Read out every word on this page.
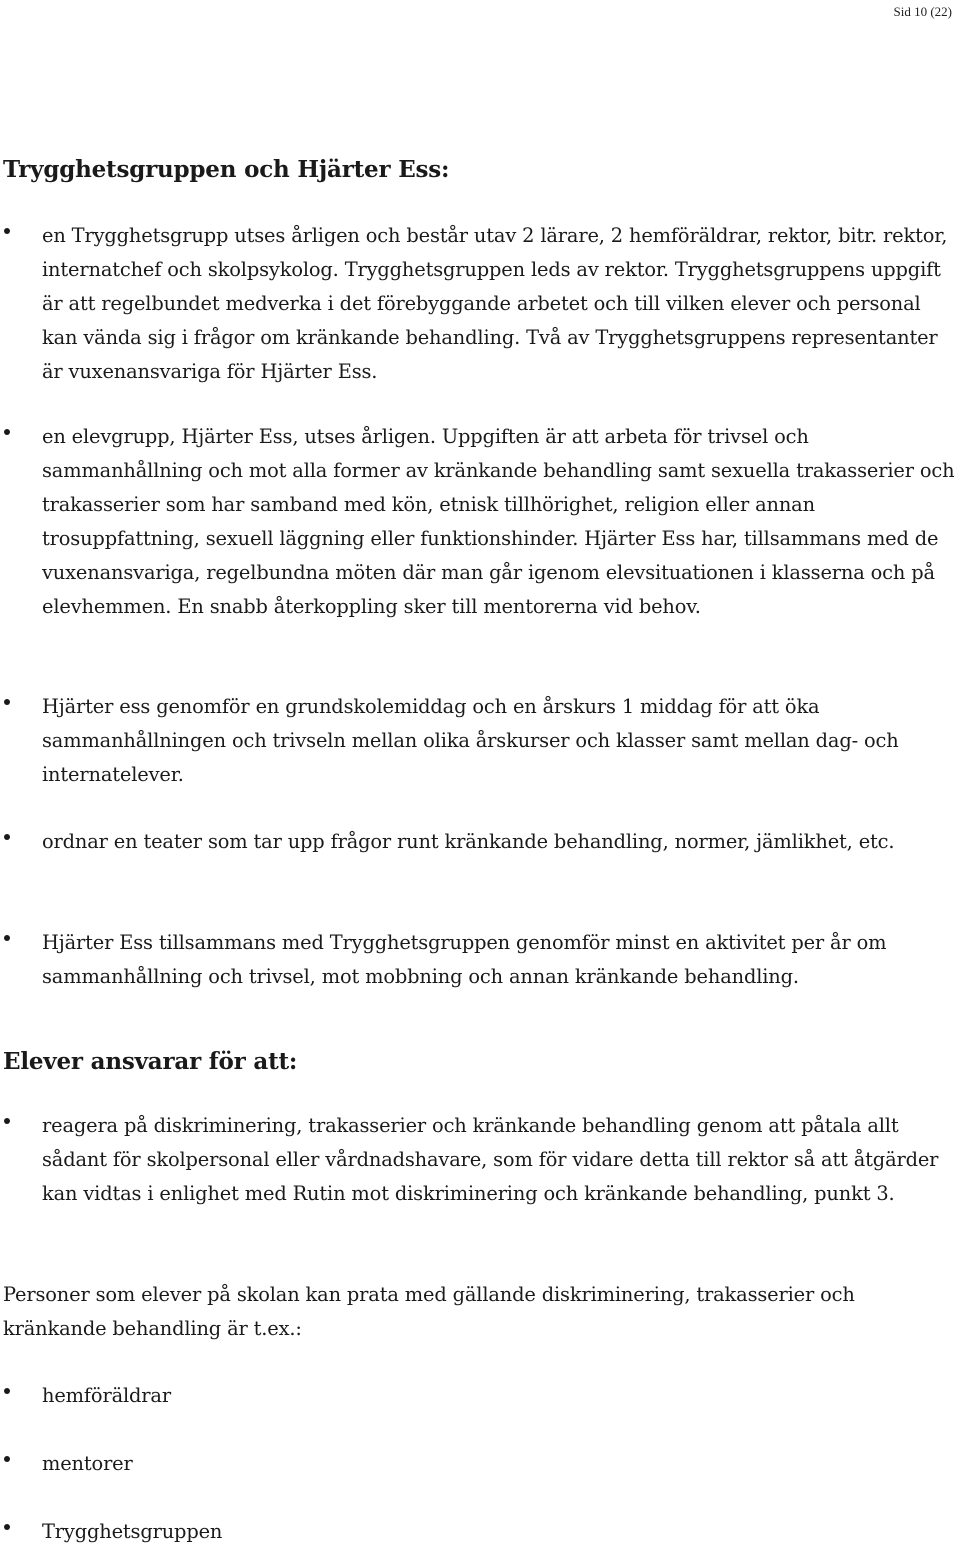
Sid 10 (22)
Trygghetsgruppen och Hjärter Ess:
en Trygghetsgrupp utses årligen och består utav 2 lärare, 2 hemföräldrar, rektor, bitr. rektor, internatchef och skolpsykolog. Trygghetsgruppen leds av rektor. Trygghetsgruppens uppgift är att regelbundet medverka i det förebyggande arbetet och till vilken elever och personal kan vända sig i frågor om kränkande behandling. Två av Trygghetsgruppens representanter är vuxenansvariga för Hjärter Ess.
en elevgrupp, Hjärter Ess, utses årligen. Uppgiften är att arbeta för trivsel och sammanhållning och mot alla former av kränkande behandling samt sexuella trakasserier och trakasserier som har samband med kön, etnisk tillhörighet, religion eller annan trosuppfattning, sexuell läggning eller funktionshinder. Hjärter Ess har, tillsammans med de vuxenansvariga, regelbundna möten där man går igenom elevsituationen i klasserna och på elevhemmen. En snabb återkoppling sker till mentorerna vid behov.
Hjärter ess genomför en grundskolemiddag och en årskurs 1 middag för att öka sammanhållningen och trivseln mellan olika årskurser och klasser samt mellan dag- och internatelever.
ordnar en teater som tar upp frågor runt kränkande behandling, normer, jämlikhet, etc.
Hjärter Ess tillsammans med Trygghetsgruppen genomför minst en aktivitet per år om sammanhållning och trivsel, mot mobbning och annan kränkande behandling.
Elever ansvarar för att:
reagera på diskriminering, trakasserier och kränkande behandling genom att påtala allt sådant för skolpersonal eller vårdnadshavare, som för vidare detta till rektor så att åtgärder kan vidtas i enlighet med Rutin mot diskriminering och kränkande behandling, punkt 3.

Personer som elever på skolan kan prata med gällande diskriminering, trakasserier och kränkande behandling är t.ex.:

hemföräldrar
mentorer
Trygghetsgruppen
